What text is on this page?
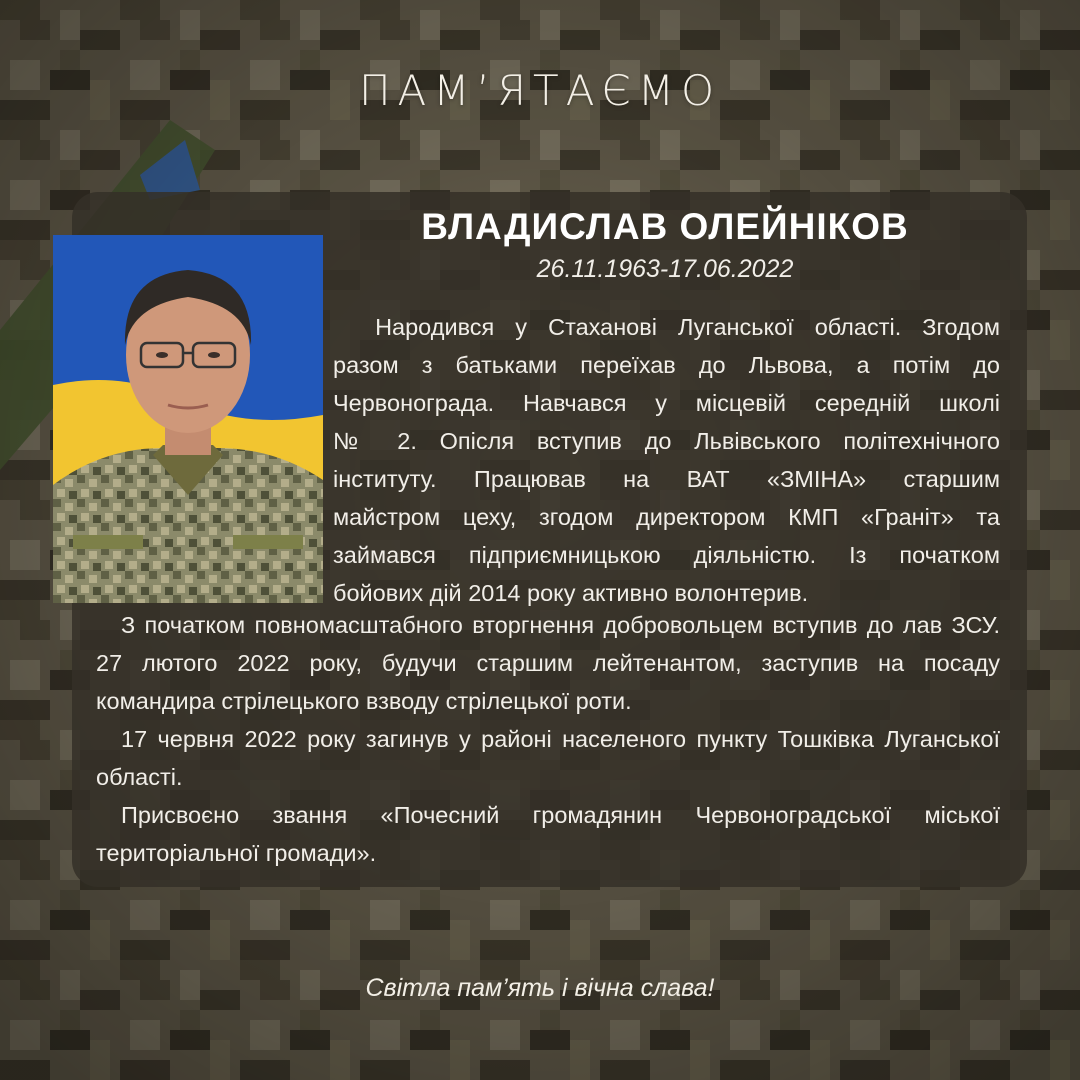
ПАМ’ЯТАЄМО
ВЛАДИСЛАВ ОЛЕЙНІКОВ
26.11.1963-17.06.2022
Народився у Стаханові Луганської області. Згодом
разом з батьками переїхав до Львова, а потім до
Червонограда. Навчався у місцевій середній школі
№ 2. Опісля вступив до Львівського політехнічного
інституту. Працював на ВАТ «ЗМІНА» старшим
майстром цеху, згодом директором КМП «Граніт» та
займався підприємницькою діяльністю. Із початком
бойових дій 2014 року активно волонтерив.

З початком повномасштабного вторгнення добровольцем вступив до лав ЗСУ. 27 лютого 2022 року, будучи старшим лейтенантом, заступив на посаду командира стрілецького взводу стрілецької роти.

17 червня 2022 року загинув у районі населеного пункту Тошківка Луганської області.

Присвоєно звання «Почесний громадянин Червоноградської міської територіальної громади».

Світла пам’ять і вічна слава!
